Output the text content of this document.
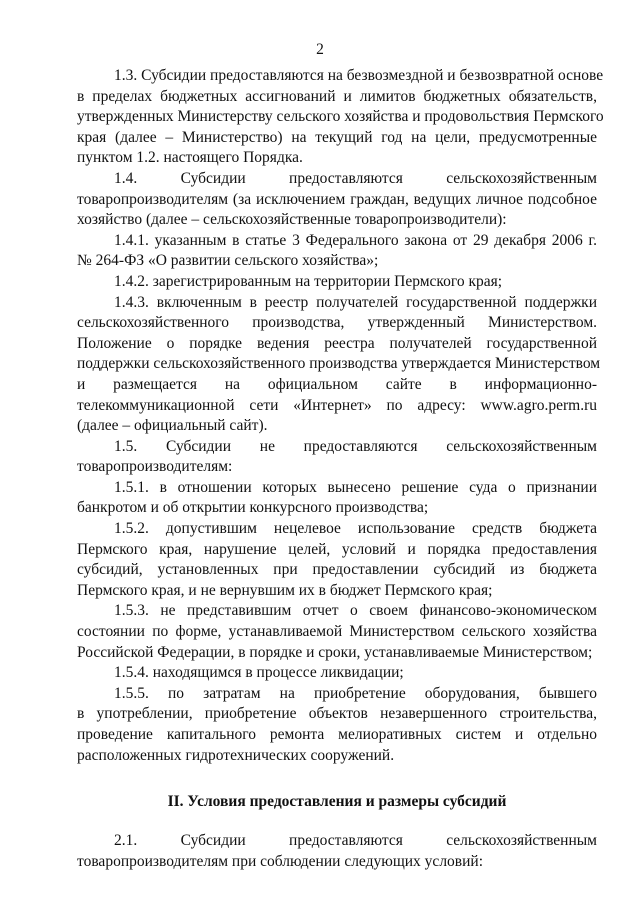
2

1.3. Субсидии предоставляются на безвозмездной и безвозвратной основе
в пределах бюджетных ассигнований и лимитов бюджетных обязательств,
утвержденных Министерству сельского хозяйства и продовольствия Пермского
края (далее – Министерство) на текущий год на цели, предусмотренные
пунктом 1.2. настоящего Порядка.

1.4. Субсидии предоставляются сельскохозяйственным
товаропроизводителям (за исключением граждан, ведущих личное подсобное
хозяйство (далее – сельскохозяйственные товаропроизводители):

1.4.1. указанным в статье 3 Федерального закона от 29 декабря 2006 г.
№ 264-ФЗ «О развитии сельского хозяйства»;

1.4.2. зарегистрированным на территории Пермского края;

1.4.3. включенным в реестр получателей государственной поддержки
сельскохозяйственного производства, утвержденный Министерством.
Положение о порядке ведения реестра получателей государственной
поддержки сельскохозяйственного производства утверждается Министерством
и размещается на официальном сайте в информационно-
телекоммуникационной сети «Интернет» по адресу: www.agro.perm.ru
(далее – официальный сайт).

1.5. Субсидии не предоставляются сельскохозяйственным
товаропроизводителям:

1.5.1. в отношении которых вынесено решение суда о признании
банкротом и об открытии конкурсного производства;

1.5.2. допустившим нецелевое использование средств бюджета
Пермского края, нарушение целей, условий и порядка предоставления
субсидий, установленных при предоставлении субсидий из бюджета
Пермского края, и не вернувшим их в бюджет Пермского края;

1.5.3. не представившим отчет о своем финансово-экономическом
состоянии по форме, устанавливаемой Министерством сельского хозяйства
Российской Федерации, в порядке и сроки, устанавливаемые Министерством;

1.5.4. находящимся в процессе ликвидации;

1.5.5. по затратам на приобретение оборудования, бывшего
в употреблении, приобретение объектов незавершенного строительства,
проведение капитального ремонта мелиоративных систем и отдельно
расположенных гидротехнических сооружений.

II. Условия предоставления и размеры субсидий

2.1. Субсидии предоставляются сельскохозяйственным
товаропроизводителям при соблюдении следующих условий:
